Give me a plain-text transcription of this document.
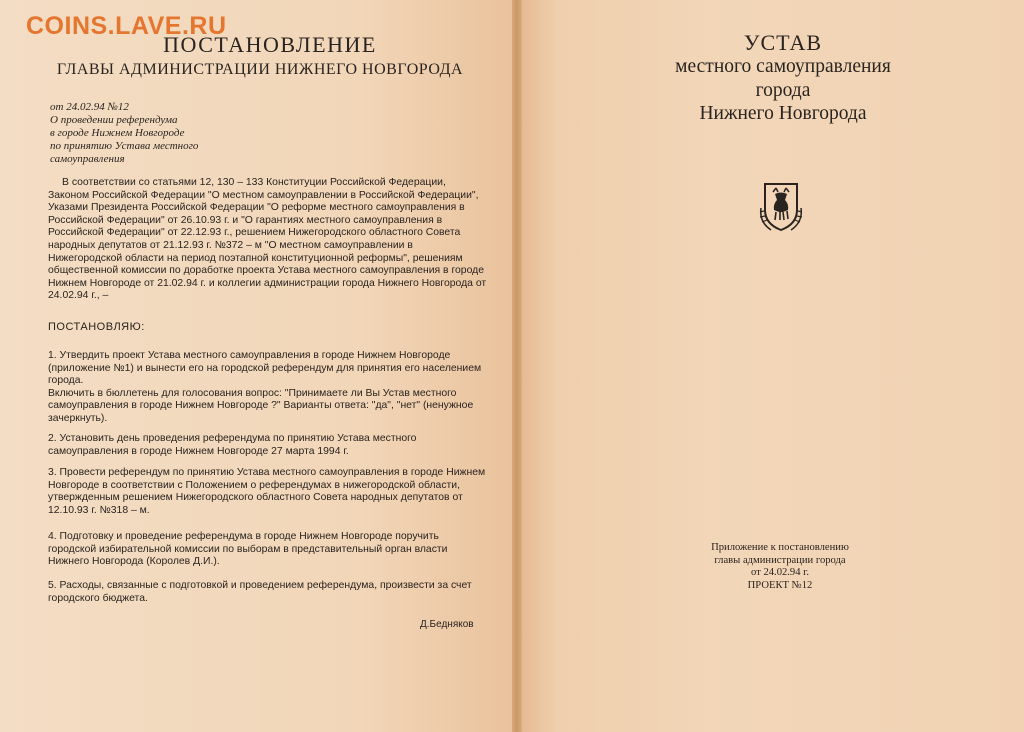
COINS.LAVE.RU
ПОСТАНОВЛЕНИЕ
ГЛАВЫ АДМИНИСТРАЦИИ НИЖНЕГО НОВГОРОДА
от 24.02.94 №12
О проведении референдума
в городе Нижнем Новгороде
по принятию Устава местного
самоуправления
В соответствии со статьями 12, 130 – 133 Конституции Российской Федерации, Законом Российской Федерации "О местном самоуправлении в Российской Федерации", Указами Президента Российской Федерации "О реформе местного самоуправления в Российской Федерации" от 26.10.93 г. и "О гарантиях местного самоуправления в Российской Федерации" от 22.12.93 г., решением Нижегородского областного Совета народных депутатов от 21.12.93 г. №372 – м "О местном самоуправлении в Нижегородской области на период поэтапной конституционной реформы", решениям общественной комиссии по доработке проекта Устава местного самоуправления в городе Нижнем Новгороде от 21.02.94 г. и коллегии администрации города Нижнего Новгорода от 24.02.94 г., –
ПОСТАНОВЛЯЮ:
1. Утвердить проект Устава местного самоуправления в городе Нижнем Новгороде (приложение №1) и вынести его на городской референдум для принятия его населением города.
Включить в бюллетень для голосования вопрос: "Принимаете ли Вы Устав местного самоуправления в городе Нижнем Новгороде ?" Варианты ответа: "да", "нет" (ненужное зачеркнуть).
2. Установить день проведения референдума по принятию Устава местного самоуправления в городе Нижнем Новгороде 27 марта 1994 г.
3. Провести референдум по принятию Устава местного самоуправления в городе Нижнем Новгороде в соответствии с Положением о референдумах в нижегородской области, утвержденным решением Нижегородского областного Совета народных депутатов от 12.10.93 г. №318 – м.
4. Подготовку и проведение референдума в городе Нижнем Новгороде поручить городской избирательной комиссии по выборам в представительный орган власти Нижнего Новгорода (Королев Д.И.).
5. Расходы, связанные с подготовкой и проведением референдума, произвести за счет городского бюджета.
Д.Бедняков
УСТАВ
местного самоуправления
города
Нижнего Новгорода
Приложение к постановлению
главы администрации города
от 24.02.94 г.
ПРОЕКТ №12
